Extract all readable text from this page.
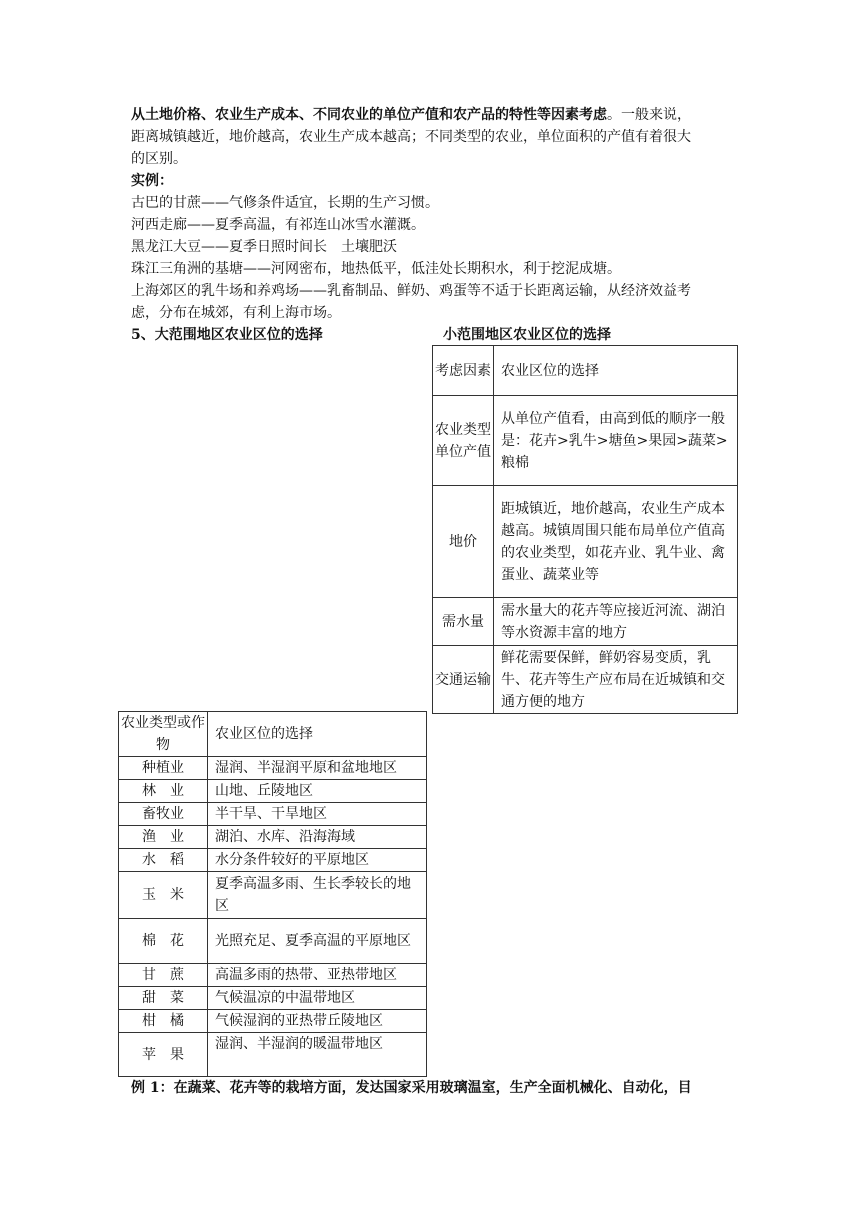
从土地价格、农业生产成本、不同农业的单位产值和农产品的特性等因素考虑。一般来说，
距离城镇越近，地价越高，农业生产成本越高；不同类型的农业，单位面积的产值有着很大
的区别。
实例：
古巴的甘蔗——气修条件适宜，长期的生产习惯。
河西走廊——夏季高温，有祁连山冰雪水灌溉。
黑龙江大豆——夏季日照时间长　土壤肥沃
珠江三角洲的基塘——河网密布，地热低平，低洼处长期积水，利于挖泥成塘。
上海郊区的乳牛场和养鸡场——乳畜制品、鲜奶、鸡蛋等不适于长距离运输，从经济效益考
虑，分布在城郊，有利上海市场。
5、大范围地区农业区位的选择	小范围地区农业区位的选择
考虑因素	农业区位的选择
农业类型单位产值	从单位产值看，由高到低的顺序一般是：花卉>乳牛>塘鱼>果园>蔬菜>粮棉
地价	距城镇近，地价越高，农业生产成本越高。城镇周围只能布局单位产值高的农业类型，如花卉业、乳牛业、禽蛋业、蔬菜业等
需水量	需水量大的花卉等应接近河流、湖泊等水资源丰富的地方
交通运输	鲜花需要保鲜，鲜奶容易变质，乳牛、花卉等生产应布局在近城镇和交通方便的地方
农业类型或作物	农业区位的选择
种植业	湿润、半湿润平原和盆地地区
林　业	山地、丘陵地区
畜牧业	半干旱、干旱地区
渔　业	湖泊、水库、沿海海域
水　稻	水分条件较好的平原地区
玉　米	夏季高温多雨、生长季较长的地区
棉　花	光照充足、夏季高温的平原地区
甘　蔗	高温多雨的热带、亚热带地区
甜　菜	气候温凉的中温带地区
柑　橘	气候湿润的亚热带丘陵地区
苹　果	湿润、半湿润的暖温带地区
例 1：在蔬菜、花卉等的栽培方面，发达国家采用玻璃温室，生产全面机械化、自动化，目
